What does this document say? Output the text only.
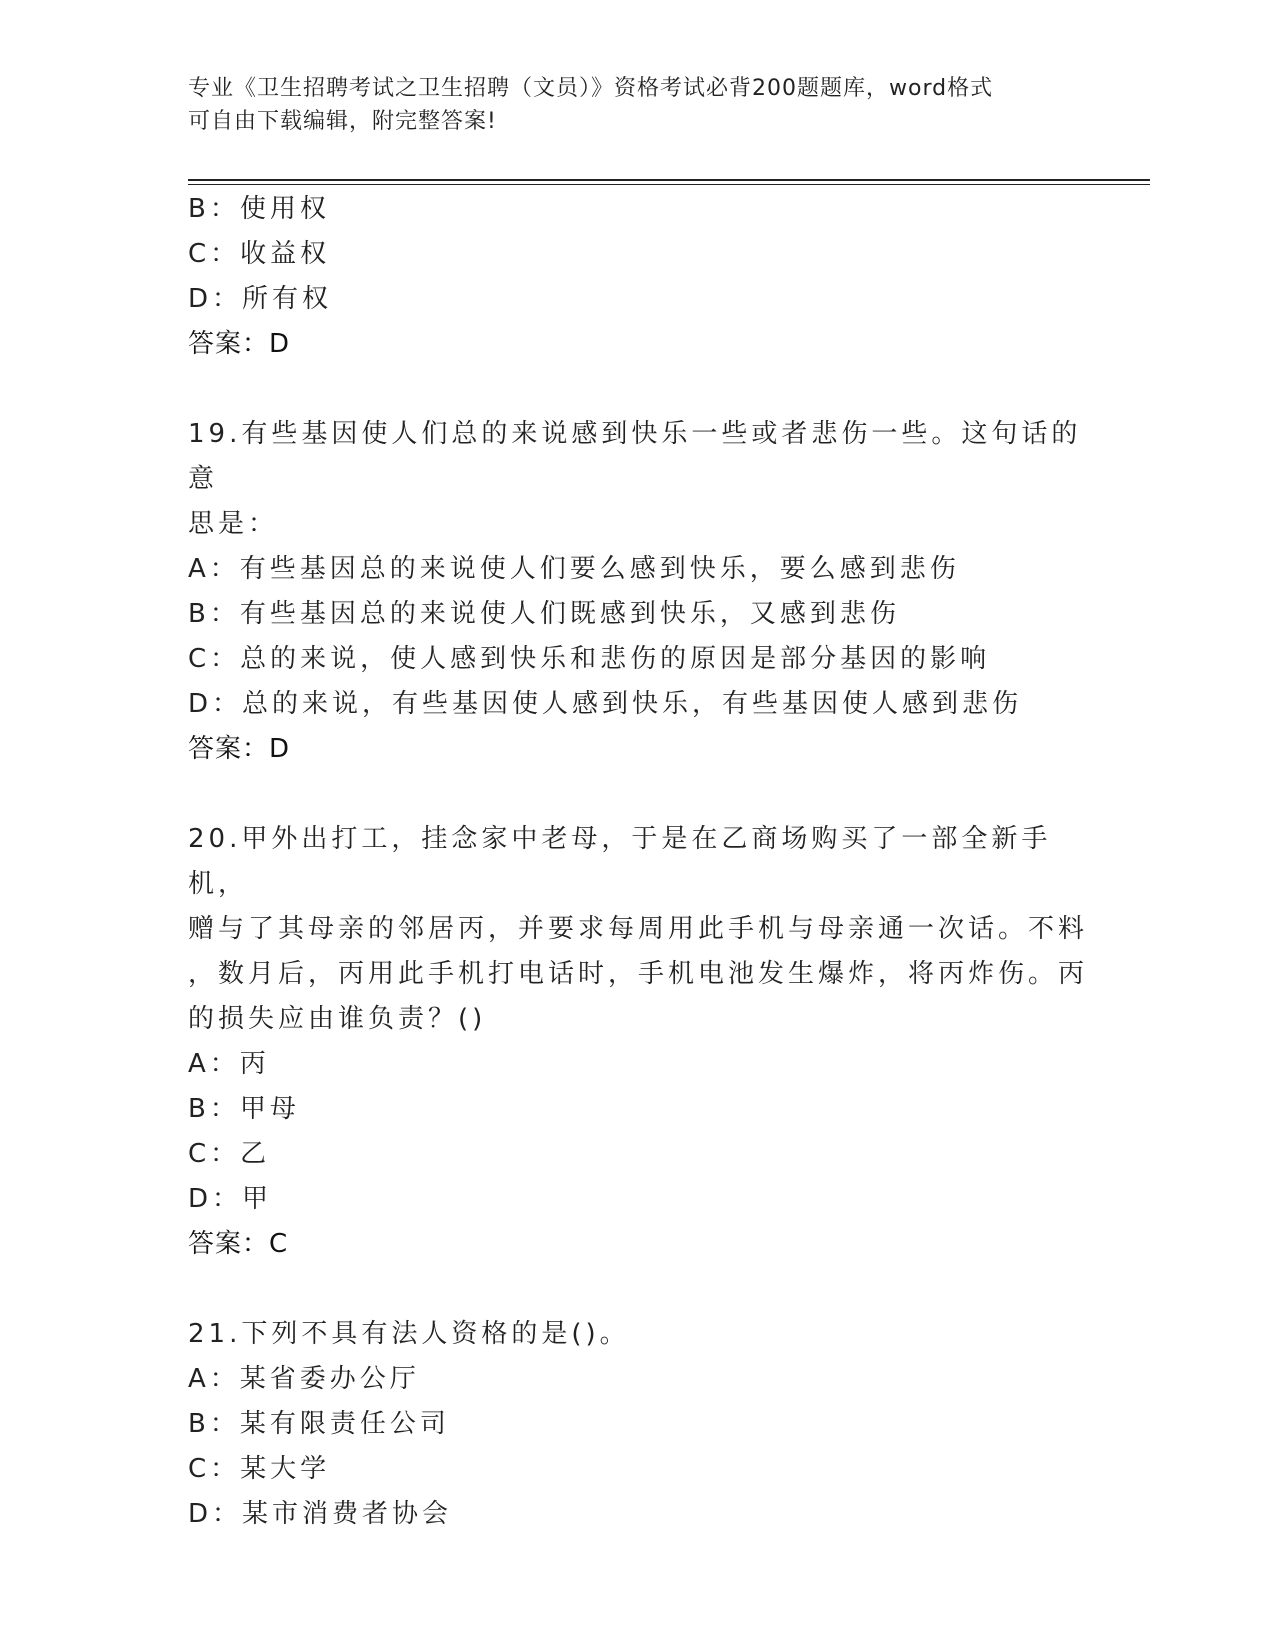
专业《卫生招聘考试之卫生招聘（文员）》资格考试必背200题题库，word格式
可自由下载编辑，附完整答案!
B：使用权
C：收益权
D：所有权
答案：D
19.有些基因使人们总的来说感到快乐一些或者悲伤一些。这句话的意
思是：
A：有些基因总的来说使人们要么感到快乐，要么感到悲伤
B：有些基因总的来说使人们既感到快乐，又感到悲伤
C：总的来说，使人感到快乐和悲伤的原因是部分基因的影响
D：总的来说，有些基因使人感到快乐，有些基因使人感到悲伤
答案：D
20.甲外出打工，挂念家中老母，于是在乙商场购买了一部全新手机，
赠与了其母亲的邻居丙，并要求每周用此手机与母亲通一次话。不料
，数月后，丙用此手机打电话时，手机电池发生爆炸，将丙炸伤。丙
的损失应由谁负责？()
A：丙
B：甲母
C：乙
D：甲
答案：C
21.下列不具有法人资格的是()。
A：某省委办公厅
B：某有限责任公司
C：某大学
D：某市消费者协会
